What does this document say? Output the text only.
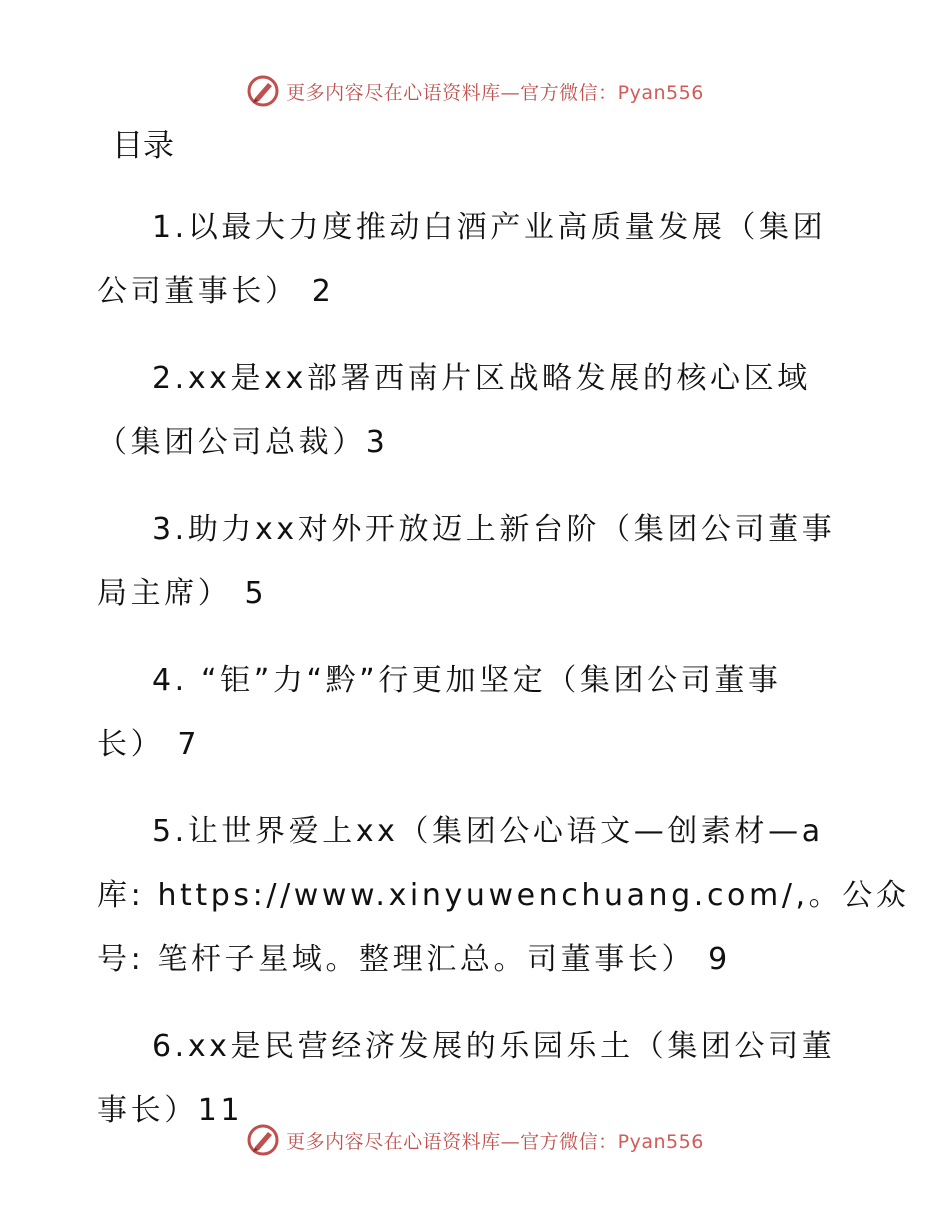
更多内容尽在心语资料库—官方微信：Pyan556
目录
1.以最大力度推动白酒产业高质量发展（集团
公司董事长） 2
2.xx是xx部署西南片区战略发展的核心区域
（集团公司总裁）3
3.助力xx对外开放迈上新台阶（集团公司董事
局主席） 5
4. “钜”力“黔”行更加坚定（集团公司董事
长） 7
5.让世界爱上xx（集团公心语文—创素材—a
库: https://www.xinyuwenchuang.com/,。公众
号: 笔杆子星域。整理汇总。司董事长） 9
6.xx是民营经济发展的乐园乐土（集团公司董
事长）11
更多内容尽在心语资料库—官方微信：Pyan556
